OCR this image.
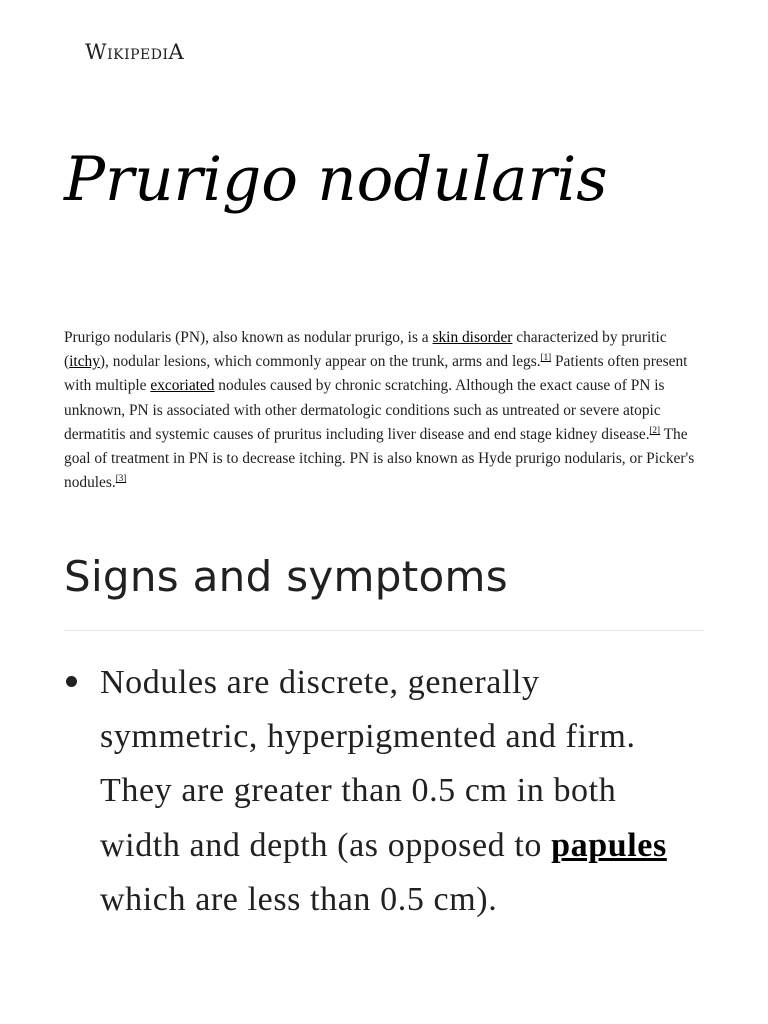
WikipediA
Prurigo nodularis

Prurigo nodularis (PN), also known as nodular prurigo, is a skin disorder characterized by pruritic (itchy), nodular lesions, which commonly appear on the trunk, arms and legs.[1] Patients often present with multiple excoriated nodules caused by chronic scratching. Although the exact cause of PN is unknown, PN is associated with other dermatologic conditions such as untreated or severe atopic dermatitis and systemic causes of pruritus including liver disease and end stage kidney disease.[2] The goal of treatment in PN is to decrease itching. PN is also known as Hyde prurigo nodularis, or Picker's nodules.[3]

Signs and symptoms
Nodules are discrete, generally symmetric, hyperpigmented and firm. They are greater than 0.5 cm in both width and depth (as opposed to papules which are less than 0.5 cm).
